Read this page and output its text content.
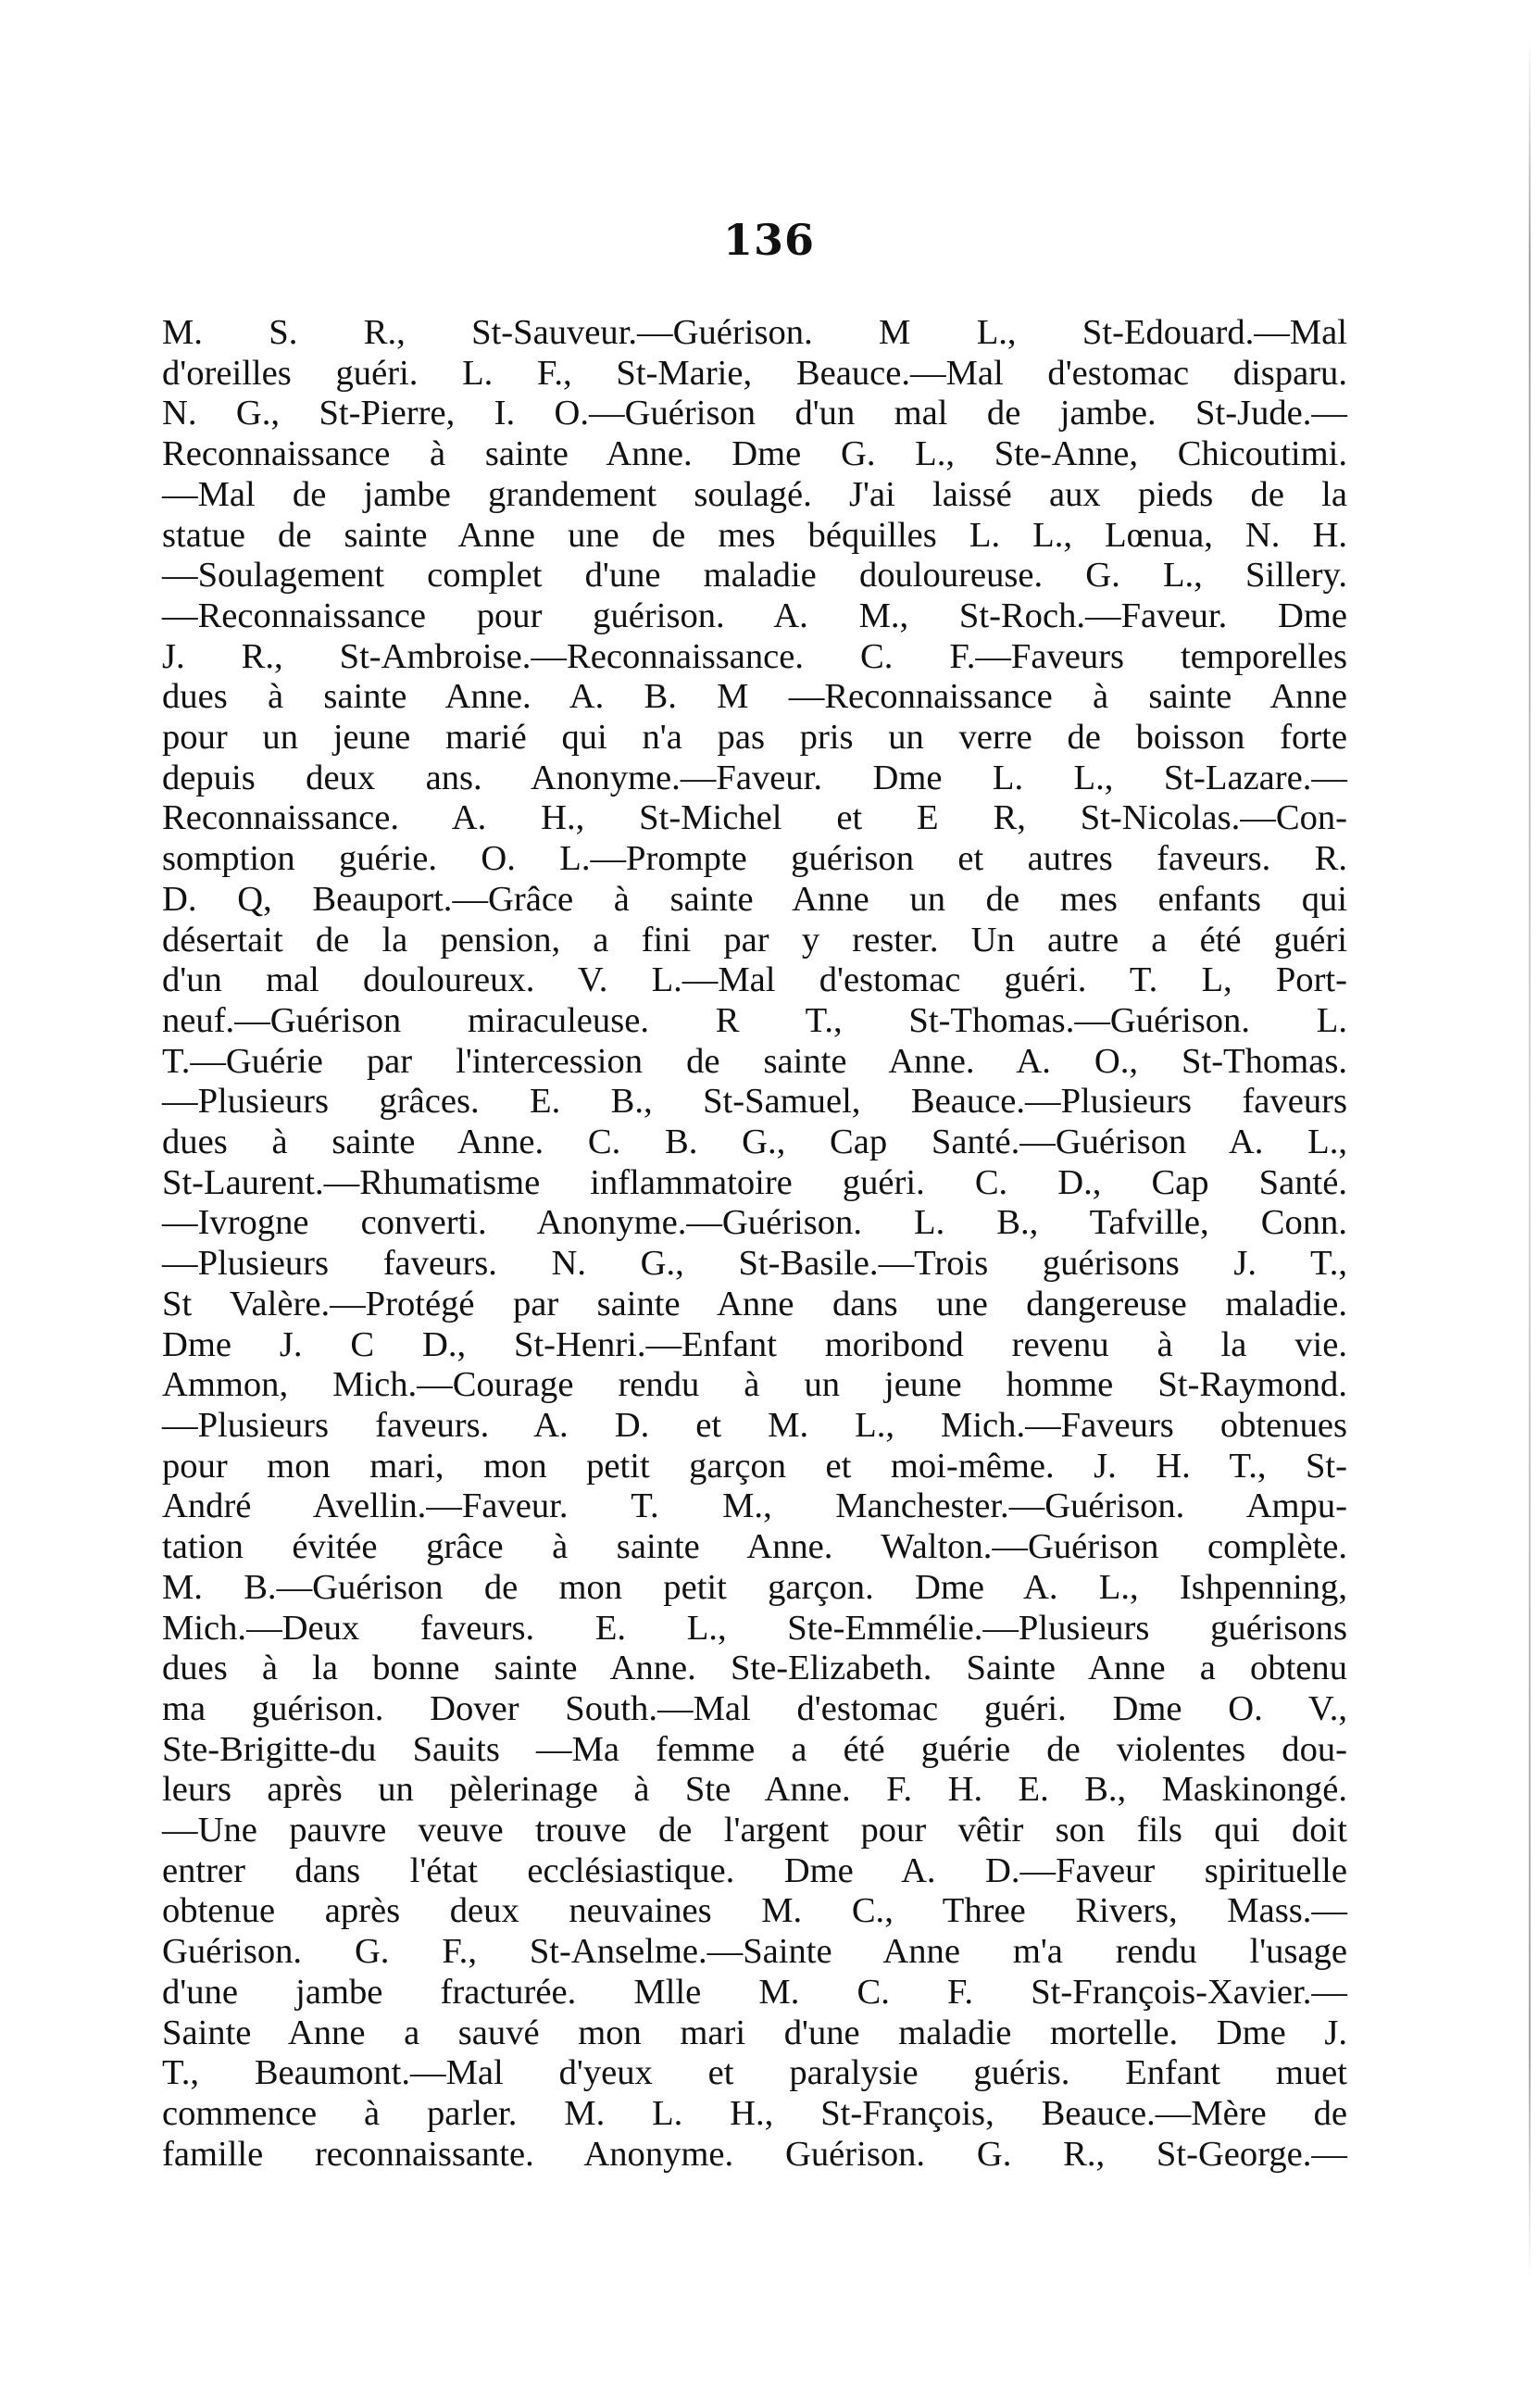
136
M. S. R., St-Sauveur.—Guérison. M L., St-Edouard.—Mal
d'oreilles guéri. L. F., St-Marie, Beauce.—Mal d'estomac disparu.
N. G., St-Pierre, I. O.—Guérison d'un mal de jambe. St-Jude.—
Reconnaissance à sainte Anne. Dme G. L., Ste-Anne, Chicoutimi.
—Mal de jambe grandement soulagé. J'ai laissé aux pieds de la
statue de sainte Anne une de mes béquilles L. L., Lœnua, N. H.
—Soulagement complet d'une maladie douloureuse. G. L., Sillery.
—Reconnaissance pour guérison. A. M., St-Roch.—Faveur. Dme
J. R., St-Ambroise.—Reconnaissance. C. F.—Faveurs temporelles
dues à sainte Anne. A. B. M —Reconnaissance à sainte Anne
pour un jeune marié qui n'a pas pris un verre de boisson forte
depuis deux ans. Anonyme.—Faveur. Dme L. L., St-Lazare.—
Reconnaissance. A. H., St-Michel et E R, St-Nicolas.—Con-
somption guérie. O. L.—Prompte guérison et autres faveurs. R.
D. Q, Beauport.—Grâce à sainte Anne un de mes enfants qui
désertait de la pension, a fini par y rester. Un autre a été guéri
d'un mal douloureux. V. L.—Mal d'estomac guéri. T. L, Port-
neuf.—Guérison miraculeuse. R T., St-Thomas.—Guérison. L.
T.—Guérie par l'intercession de sainte Anne. A. O., St-Thomas.
—Plusieurs grâces. E. B., St-Samuel, Beauce.—Plusieurs faveurs
dues à sainte Anne. C. B. G., Cap Santé.—Guérison A. L.,
St-Laurent.—Rhumatisme inflammatoire guéri. C. D., Cap Santé.
—Ivrogne converti. Anonyme.—Guérison. L. B., Tafville, Conn.
—Plusieurs faveurs. N. G., St-Basile.—Trois guérisons J. T.,
St Valère.—Protégé par sainte Anne dans une dangereuse maladie.
Dme J. C D., St-Henri.—Enfant moribond revenu à la vie.
Ammon, Mich.—Courage rendu à un jeune homme St-Raymond.
—Plusieurs faveurs. A. D. et M. L., Mich.—Faveurs obtenues
pour mon mari, mon petit garçon et moi-même. J. H. T., St-
André Avellin.—Faveur. T. M., Manchester.—Guérison. Ampu-
tation évitée grâce à sainte Anne. Walton.—Guérison complète.
M. B.—Guérison de mon petit garçon. Dme A. L., Ishpenning,
Mich.—Deux faveurs. E. L., Ste-Emmélie.—Plusieurs guérisons
dues à la bonne sainte Anne. Ste-Elizabeth. Sainte Anne a obtenu
ma guérison. Dover South.—Mal d'estomac guéri. Dme O. V.,
Ste-Brigitte-du Sauits —Ma femme a été guérie de violentes dou-
leurs après un pèlerinage à Ste Anne. F. H. E. B., Maskinongé.
—Une pauvre veuve trouve de l'argent pour vêtir son fils qui doit
entrer dans l'état ecclésiastique. Dme A. D.—Faveur spirituelle
obtenue après deux neuvaines M. C., Three Rivers, Mass.—
Guérison. G. F., St-Anselme.—Sainte Anne m'a rendu l'usage
d'une jambe fracturée. Mlle M. C. F. St-François-Xavier.—
Sainte Anne a sauvé mon mari d'une maladie mortelle. Dme J.
T., Beaumont.—Mal d'yeux et paralysie guéris. Enfant muet
commence à parler. M. L. H., St-François, Beauce.—Mère de
famille reconnaissante. Anonyme. Guérison. G. R., St-George.—
